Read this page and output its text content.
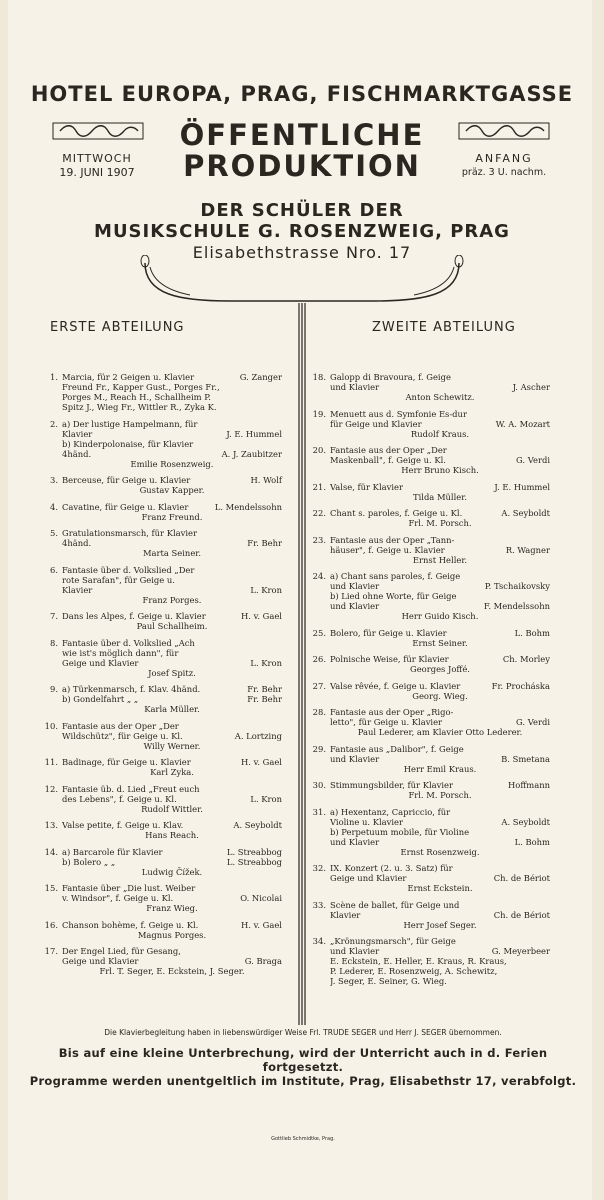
HOTEL EUROPA, PRAG, FISCHMARKTGASSE
MITTWOCH
19. JUNI 1907
ANFANG
präz. 3 U. nachm.
ÖFFENTLICHE
PRODUKTION
DER SCHÜLER DER
MUSIKSCHULE G. ROSENZWEIG, PRAG
Elisabethstrasse Nro. 17
ERSTE ABTEILUNG	ZWEITE ABTEILUNG
1. Marcia, für 2 Geigen u. Klavier	G. Zanger
Freund Fr., Kapper Gust., Porges Fr.,
Porges M., Reach H., Schallheim P.
Spitz J., Wieg Fr., Wittler R., Zyka K.
2. a) Der lustige Hampelmann, für
Klavier	J. E. Hummel
b) Kinderpolonaise, für Klavier
4händ.	A. J. Zaubitzer
Emilie Rosenzweig.
3. Berceuse, für Geige u. Klavier	H. Wolf
Gustav Kapper.
4. Cavatine, für Geige u. Klavier	L. Mendelssohn
Franz Freund.
5. Gratulationsmarsch, für Klavier
4händ.	Fr. Behr
Marta Seiner.
6. Fantasie über d. Volkslied „Der
rote Sarafan", für Geige u.
Klavier	L. Kron
Franz Porges.
7. Dans les Alpes, f. Geige u. Klavier	H. v. Gael
Paul Schallheim.
8. Fantasie über d. Volkslied „Ach
wie ist's möglich dann", für
Geige und Klavier	L. Kron
Josef Spitz.
9. a) Türkenmarsch, f. Klav. 4händ.	Fr. Behr
b) Gondelfahrt „ „	Fr. Behr
Karla Müller.
10. Fantasie aus der Oper „Der
Wildschütz", für Geige u. Kl.	A. Lortzing
Willy Werner.
11. Badinage, für Geige u. Klavier	H. v. Gael
Karl Zyka.
12. Fantasie üb. d. Lied „Freut euch
des Lebens", f. Geige u. Kl.	L. Kron
Rudolf Wittler.
13. Valse petite, f. Geige u. Klav.	A. Seyboldt
Hans Reach.
14. a) Barcarole für Klavier	L. Streabbog
b) Bolero „ „	L. Streabbog
Ludwig Čížek.
15. Fantasie über „Die lust. Weiber
v. Windsor", f. Geige u. Kl.	O. Nicolai
Franz Wieg.
16. Chanson bohème, f. Geige u. Kl.	H. v. Gael
Magnus Porges.
17. Der Engel Lied, für Gesang,
Geige und Klavier	G. Braga
Frl. T. Seger, E. Eckstein, J. Seger.
18. Galopp di Bravoura, f. Geige
und Klavier	J. Ascher
Anton Schewitz.
19. Menuett aus d. Symfonie Es-dur
für Geige und Klavier	W. A. Mozart
Rudolf Kraus.
20. Fantasie aus der Oper „Der
Maskenball", f. Geige u. Kl.	G. Verdi
Herr Bruno Kisch.
21. Valse, für Klavier	J. E. Hummel
Tilda Müller.
22. Chant s. paroles, f. Geige u. Kl.	A. Seyboldt
Frl. M. Porsch.
23. Fantasie aus der Oper „Tann-
häuser", f. Geige u. Klavier	R. Wagner
Ernst Heller.
24. a) Chant sans paroles, f. Geige
und Klavier	P. Tschaikovsky
b) Lied ohne Worte, für Geige
und Klavier	F. Mendelssohn
Herr Guido Kisch.
25. Bolero, für Geige u. Klavier	L. Bohm
Ernst Seiner.
26. Polnische Weise, für Klavier	Ch. Morley
Georges Joffé.
27. Valse rêvée, f. Geige u. Klavier	Fr. Procháska
Georg. Wieg.
28. Fantasie aus der Oper „Rigo-
letto", für Geige u. Klavier	G. Verdi
Paul Lederer, am Klavier Otto Lederer.
29. Fantasie aus „Dalibor", f. Geige
und Klavier	B. Smetana
Herr Emil Kraus.
30. Stimmungsbilder, für Klavier	Hoffmann
Frl. M. Porsch.
31. a) Hexentanz, Capriccio, für
Violine u. Klavier	A. Seyboldt
b) Perpetuum mobile, für Violine
und Klavier	L. Bohm
Ernst Rosenzweig.
32. IX. Konzert (2. u. 3. Satz) für
Geige und Klavier	Ch. de Bériot
Ernst Eckstein.
33. Scène de ballet, für Geige und
Klavier	Ch. de Bériot
Herr Josef Seger.
34. „Krönungsmarsch", für Geige
und Klavier	G. Meyerbeer
E. Eckstein, E. Heller, E. Kraus, R. Kraus,
P. Lederer, E. Rosenzweig, A. Schewitz,
J. Seger, E. Seiner, G. Wieg.
Die Klavierbegleitung haben in liebenswürdiger Weise Frl. TRUDE SEGER und Herr J. SEGER übernommen.
Bis auf eine kleine Unterbrechung, wird der Unterricht auch in d. Ferien fortgesetzt.
Programme werden unentgeltlich im Institute, Prag, Elisabethstr 17, verabfolgt.
Gottlieb Schmidtke, Prag.
